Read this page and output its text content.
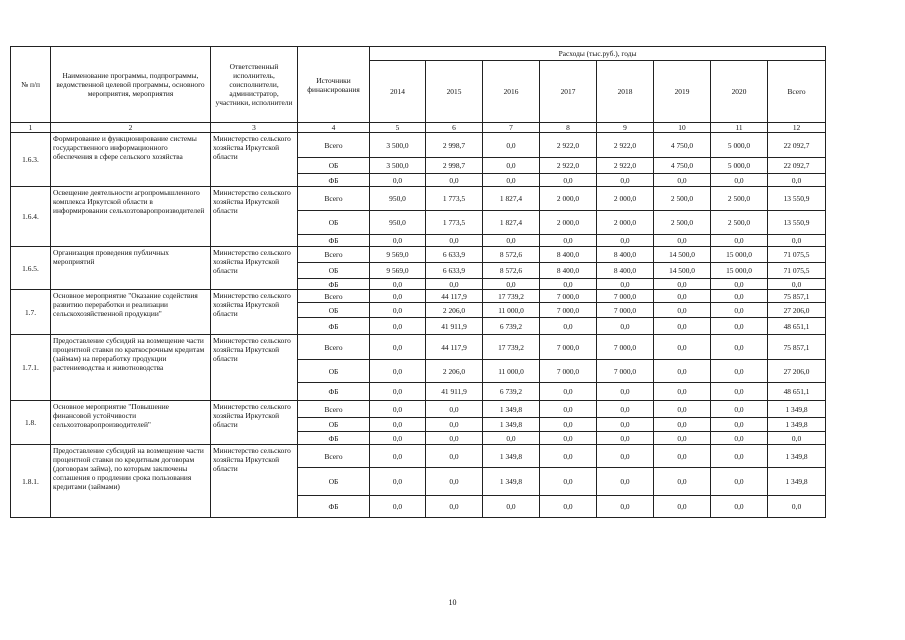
№ п/п	Наименование программы, подпрограммы, ведомственной целевой программы, основного мероприятия, мероприятия	Ответственный исполнитель, соисполнители, администратор, участники, исполнители	Источники финансирования	Расходы (тыс.руб.), годы							
				2014	2015	2016	2017	2018	2019	2020	Всего
1	2	3	4	5	6	7	8	9	10	11	12
1.6.3.	Формирование и функционирование системы государственного информационного обеспечения в сфере сельского хозяйства	Министерство сельского хозяйства Иркутской области	Всего	3 500,0	2 998,7	0,0	2 922,0	2 922,0	4 750,0	5 000,0	22 092,7
			ОБ	3 500,0	2 998,7	0,0	2 922,0	2 922,0	4 750,0	5 000,0	22 092,7
			ФБ	0,0	0,0	0,0	0,0	0,0	0,0	0,0	0,0
1.6.4.	Освещение деятельности агропромышленного комплекса Иркутской области в информировании сельхозтоваропроизводителей	Министерство сельского хозяйства Иркутской области	Всего	950,0	1 773,5	1 827,4	2 000,0	2 000,0	2 500,0	2 500,0	13 550,9
			ОБ	950,0	1 773,5	1 827,4	2 000,0	2 000,0	2 500,0	2 500,0	13 550,9
			ФБ	0,0	0,0	0,0	0,0	0,0	0,0	0,0	0,0
1.6.5.	Организация проведения публичных мероприятий	Министерство сельского хозяйства Иркутской области	Всего	9 569,0	6 633,9	8 572,6	8 400,0	8 400,0	14 500,0	15 000,0	71 075,5
			ОБ	9 569,0	6 633,9	8 572,6	8 400,0	8 400,0	14 500,0	15 000,0	71 075,5
			ФБ	0,0	0,0	0,0	0,0	0,0	0,0	0,0	0,0
1.7.	Основное мероприятие "Оказание содействия развитию переработки и реализации сельскохозяйственной продукции"	Министерство сельского хозяйства Иркутской области	Всего	0,0	44 117,9	17 739,2	7 000,0	7 000,0	0,0	0,0	75 857,1
			ОБ	0,0	2 206,0	11 000,0	7 000,0	7 000,0	0,0	0,0	27 206,0
			ФБ	0,0	41 911,9	6 739,2	0,0	0,0	0,0	0,0	48 651,1
1.7.1.	Предоставление субсидий на возмещение части процентной ставки по краткосрочным кредитам (займам) на переработку продукции растениеводства и животноводства	Министерство сельского хозяйства Иркутской области	Всего	0,0	44 117,9	17 739,2	7 000,0	7 000,0	0,0	0,0	75 857,1
			ОБ	0,0	2 206,0	11 000,0	7 000,0	7 000,0	0,0	0,0	27 206,0
			ФБ	0,0	41 911,9	6 739,2	0,0	0,0	0,0	0,0	48 651,1
1.8.	Основное мероприятие "Повышение финансовой устойчивости сельхозтоваропроизводителей"	Министерство сельского хозяйства Иркутской области	Всего	0,0	0,0	1 349,8	0,0	0,0	0,0	0,0	1 349,8
			ОБ	0,0	0,0	1 349,8	0,0	0,0	0,0	0,0	1 349,8
			ФБ	0,0	0,0	0,0	0,0	0,0	0,0	0,0	0,0
1.8.1.	Предоставление субсидий на возмещение части процентной ставки по кредитным договорам (договорам займа), по которым заключены соглашения о продлении срока пользования кредитами (займами)	Министерство сельского хозяйства Иркутской области	Всего	0,0	0,0	1 349,8	0,0	0,0	0,0	0,0	1 349,8
			ОБ	0,0	0,0	1 349,8	0,0	0,0	0,0	0,0	1 349,8
			ФБ	0,0	0,0	0,0	0,0	0,0	0,0	0,0	0,0
10
